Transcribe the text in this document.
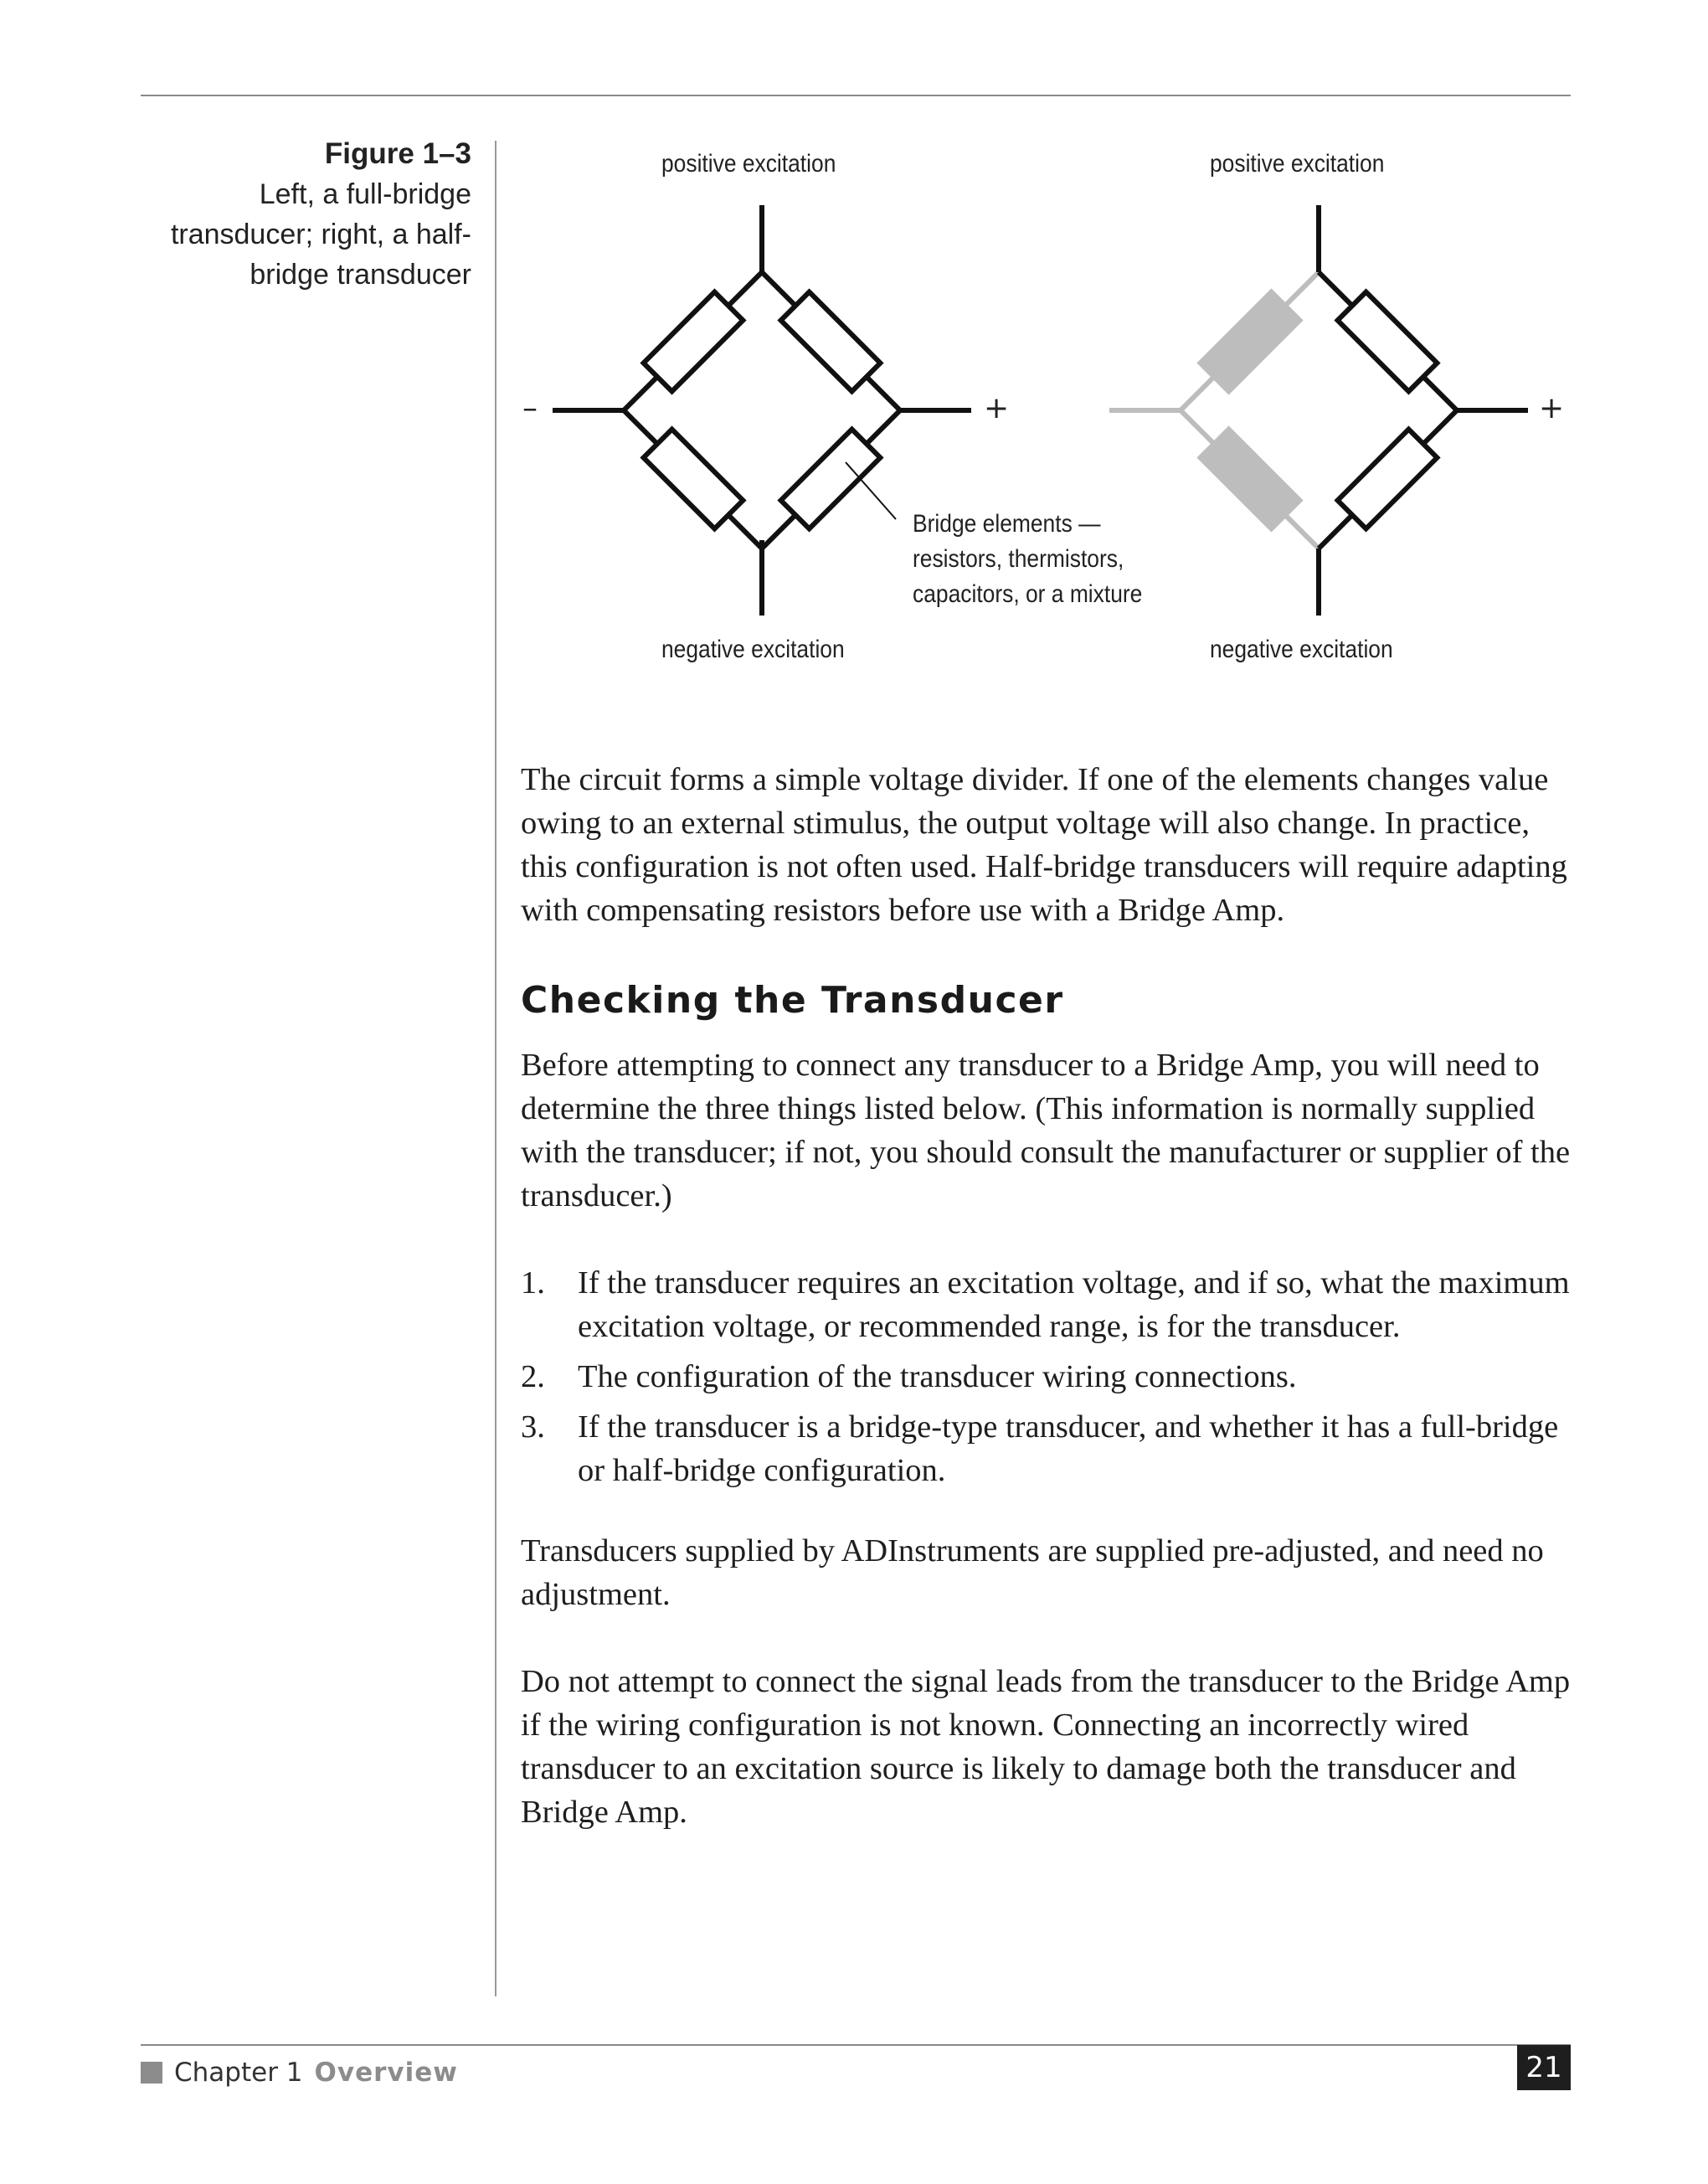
Figure 1–3
Left, a full-bridge
transducer; right, a half-
bridge transducer
positive excitation
negative excitation
–	+
positive excitation
negative excitation
+
Bridge elements —
resistors, thermistors,
capacitors, or a mixture

The circuit forms a simple voltage divider. If one of the elements changes value owing to an external stimulus, the output voltage will also change. In practice, this configuration is not often used. Half-bridge transducers will require adapting with compensating resistors before use with a Bridge Amp.

Checking the Transducer

Before attempting to connect any transducer to a Bridge Amp, you will need to determine the three things listed below. (This information is normally supplied with the transducer; if not, you should consult the manufacturer or supplier of the transducer.)

1. If the transducer requires an excitation voltage, and if so, what the maximum excitation voltage, or recommended range, is for the transducer.
2. The configuration of the transducer wiring connections.
3. If the transducer is a bridge-type transducer, and whether it has a full-bridge or half-bridge configuration.

Transducers supplied by ADInstruments are supplied pre-adjusted, and need no adjustment.

Do not attempt to connect the signal leads from the transducer to the Bridge Amp if the wiring configuration is not known. Connecting an incorrectly wired transducer to an excitation source is likely to damage both the transducer and Bridge Amp.

Chapter 1 Overview	21
